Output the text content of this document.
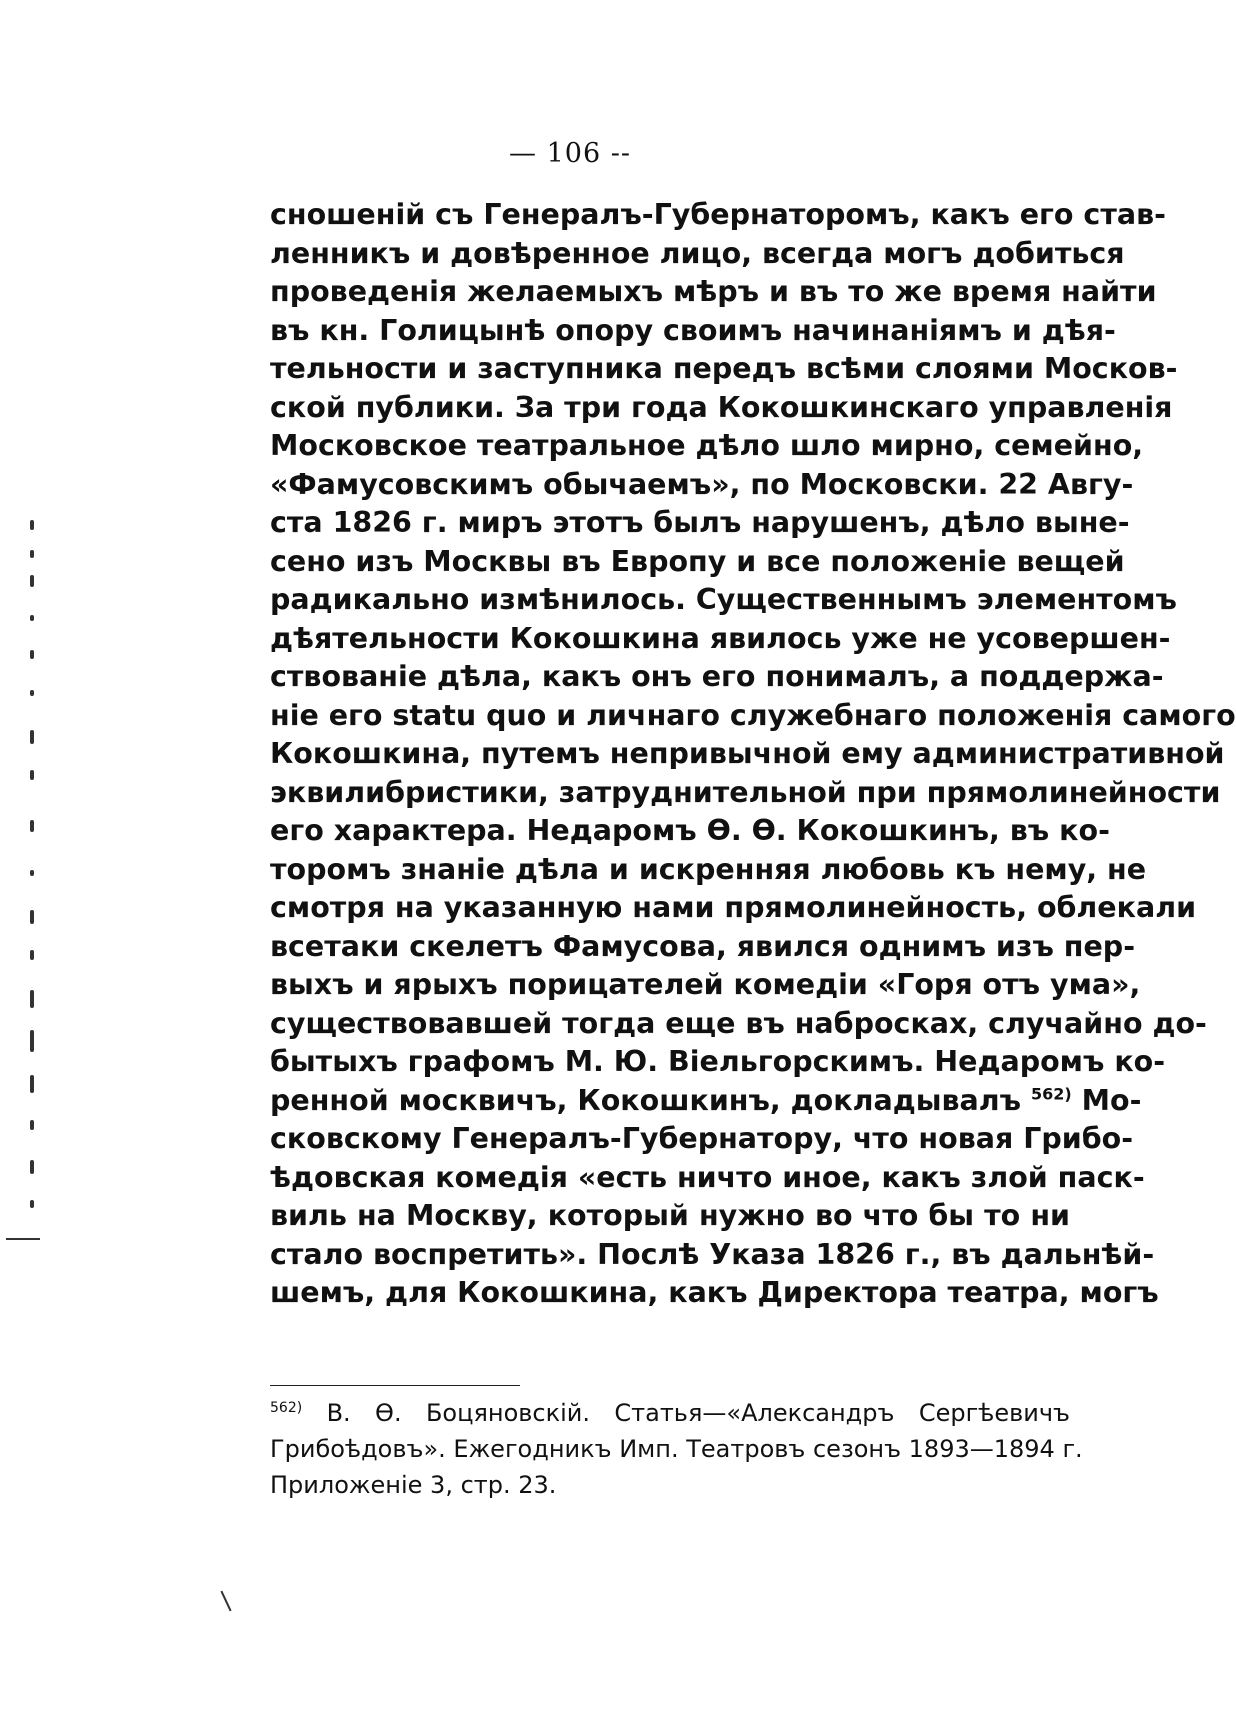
— 106 --
сношеній съ Генералъ-Губернаторомъ, какъ его став-
ленникъ и довѣренное лицо, всегда могъ добиться
проведенія желаемыхъ мѣръ и въ то же время найти
въ кн. Голицынѣ опору своимъ начинаніямъ и дѣя-
тельности и заступника передъ всѣми слоями Москов-
ской публики. За три года Кокошкинскаго управленія
Московское театральное дѣло шло мирно, семейно,
«Фамусовскимъ обычаемъ», по Московски. 22 Авгу-
ста 1826 г. миръ этотъ былъ нарушенъ, дѣло выне-
сено изъ Москвы въ Европу и все положеніе вещей
радикально измѣнилось. Существеннымъ элементомъ
дѣятельности Кокошкина явилось уже не усовершен-
ствованіе дѣла, какъ онъ его понималъ, а поддержа-
ніе его statu quo и личнаго служебнаго положенія самого
Кокошкина, путемъ непривычной ему административной
эквилибристики, затруднительной при прямолинейности
его характера. Недаромъ Ѳ. Ѳ. Кокошкинъ, въ ко-
торомъ знаніе дѣла и искренняя любовь къ нему, не
смотря на указанную нами прямолинейность, облекали
всетаки скелетъ Фамусова, явился однимъ изъ пер-
выхъ и ярыхъ порицателей комедіи «Горя отъ ума»,
существовавшей тогда еще въ набросках, случайно до-
бытыхъ графомъ М. Ю. Віельгорскимъ. Недаромъ ко-
ренной москвичъ, Кокошкинъ, докладывалъ $^{562)}$ Мо-
сковскому Генералъ-Губернатору, что новая Грибо-
ѣдовская комедія «есть ничто иное, какъ злой паск-
виль на Москву, который нужно во что бы то ни
стало воспретить». Послѣ Указа 1826 г., въ дальнѣй-
шемъ, для Кокошкина, какъ Директора театра, могъ
$^{562)}$ В. Ѳ. Боцяновскій. Статья—«Александръ Сергѣевичъ
Грибоѣдовъ». Ежегодникъ Имп. Театровъ сезонъ 1893—1894 г.
Приложеніе 3, стр. 23.
